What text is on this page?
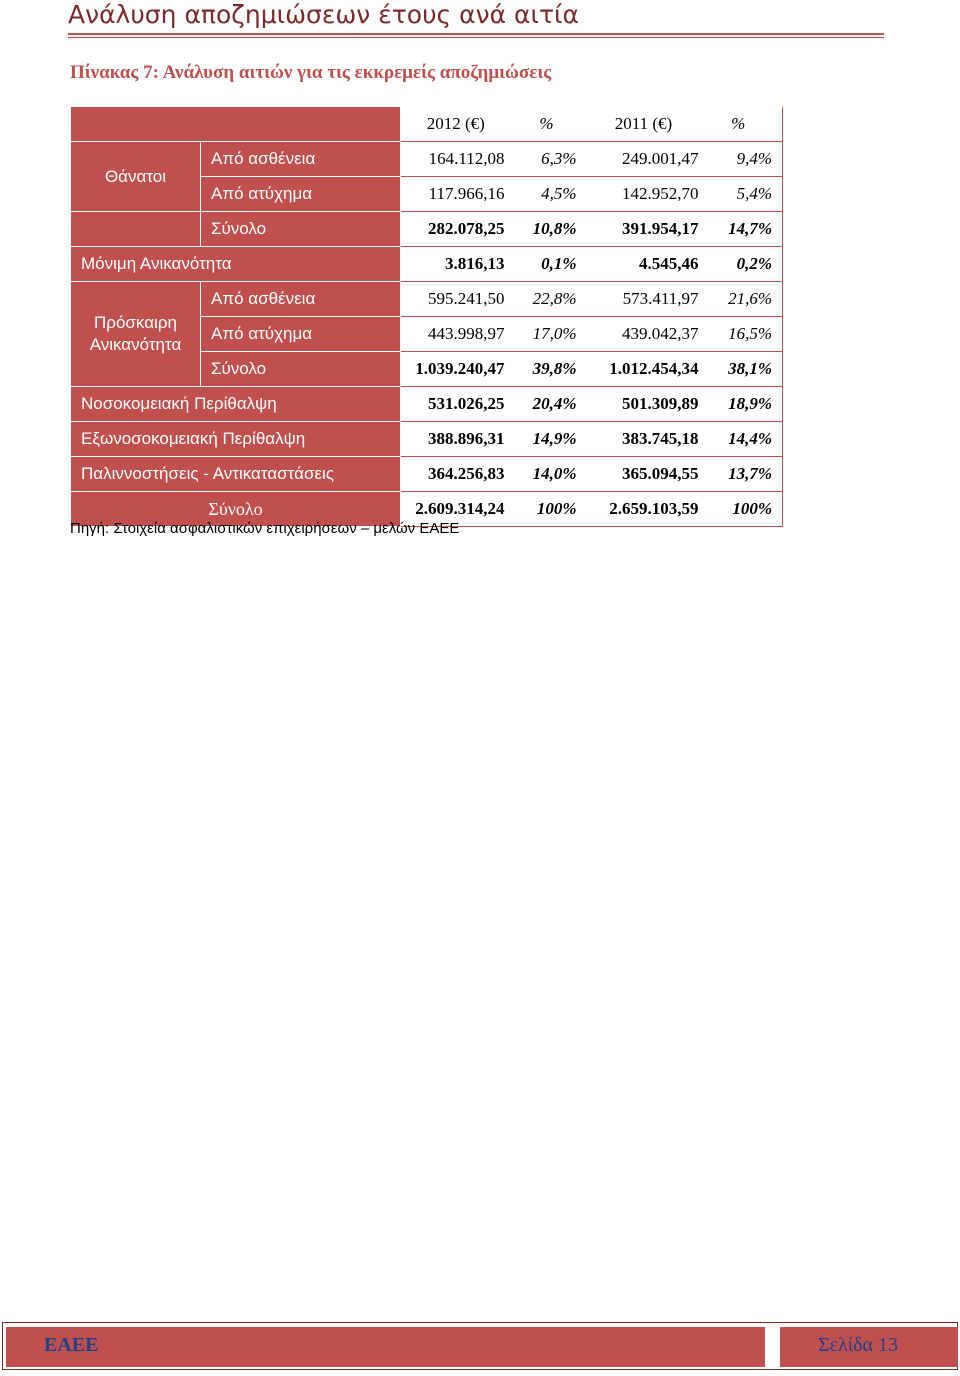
Ανάλυση αποζημιώσεων έτους ανά αιτία
Πίνακας 7: Ανάλυση αιτιών για τις εκκρεμείς αποζημιώσεις
		2012 (€)	%	2011 (€)	%
Θάνατοι	Από ασθένεια	164.112,08	6,3%	249.001,47	9,4%
	Από ατύχημα	117.966,16	4,5%	142.952,70	5,4%
	Σύνολο	282.078,25	10,8%	391.954,17	14,7%
Μόνιμη Ανικανότητα		3.816,13	0,1%	4.545,46	0,2%
Πρόσκαιρη Ανικανότητα	Από ασθένεια	595.241,50	22,8%	573.411,97	21,6%
	Από ατύχημα	443.998,97	17,0%	439.042,37	16,5%
	Σύνολο	1.039.240,47	39,8%	1.012.454,34	38,1%
Νοσοκομειακή Περίθαλψη		531.026,25	20,4%	501.309,89	18,9%
Εξωνοσοκομειακή Περίθαλψη		388.896,31	14,9%	383.745,18	14,4%
Παλιννοστήσεις - Αντικαταστάσεις		364.256,83	14,0%	365.094,55	13,7%
Σύνολο		2.609.314,24	100%	2.659.103,59	100%
Πηγή: Στοιχεία ασφαλιστικών επιχειρήσεων – μελών ΕΑΕΕ
ΕΑΕΕ	Σελίδα 13
